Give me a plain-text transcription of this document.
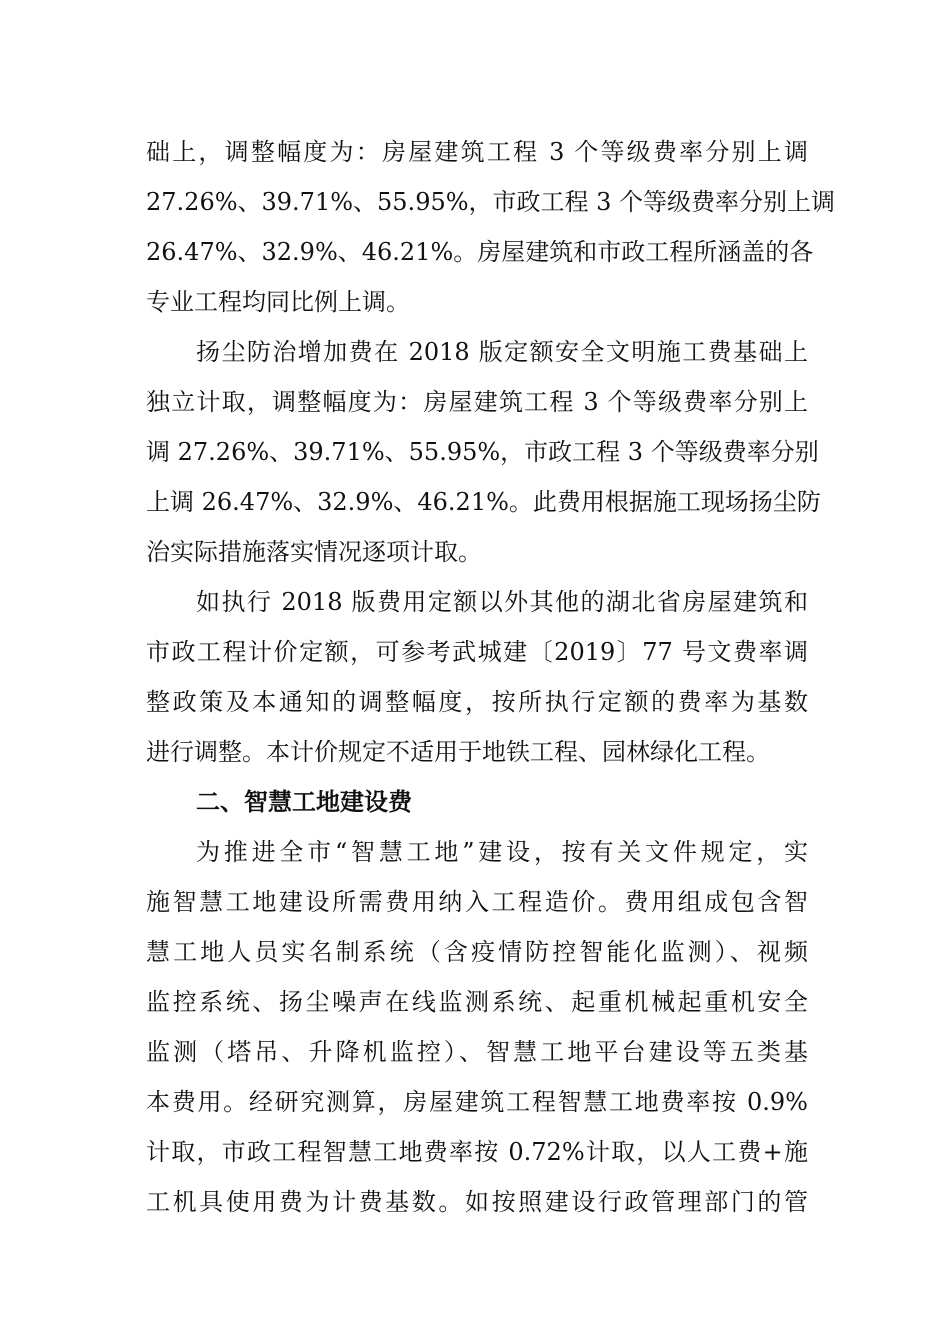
础上，调整幅度为：房屋建筑工程 3 个等级费率分别上调
27.26%、39.71%、55.95%，市政工程 3 个等级费率分别上调
26.47%、32.9%、46.21%。房屋建筑和市政工程所涵盖的各
专业工程均同比例上调。
扬尘防治增加费在 2018 版定额安全文明施工费基础上
独立计取，调整幅度为：房屋建筑工程 3 个等级费率分别上
调 27.26%、39.71%、55.95%，市政工程 3 个等级费率分别
上调 26.47%、32.9%、46.21%。此费用根据施工现场扬尘防
治实际措施落实情况逐项计取。
如执行 2018 版费用定额以外其他的湖北省房屋建筑和
市政工程计价定额，可参考武城建〔2019〕77 号文费率调
整政策及本通知的调整幅度，按所执行定额的费率为基数
进行调整。本计价规定不适用于地铁工程、园林绿化工程。
二、智慧工地建设费
为推进全市“智慧工地”建设，按有关文件规定，实
施智慧工地建设所需费用纳入工程造价。费用组成包含智
慧工地人员实名制系统（含疫情防控智能化监测）、视频
监控系统、扬尘噪声在线监测系统、起重机械起重机安全
监测（塔吊、升降机监控）、智慧工地平台建设等五类基
本费用。经研究测算，房屋建筑工程智慧工地费率按 0.9%
计取，市政工程智慧工地费率按 0.72%计取，以人工费+施
工机具使用费为计费基数。如按照建设行政管理部门的管
